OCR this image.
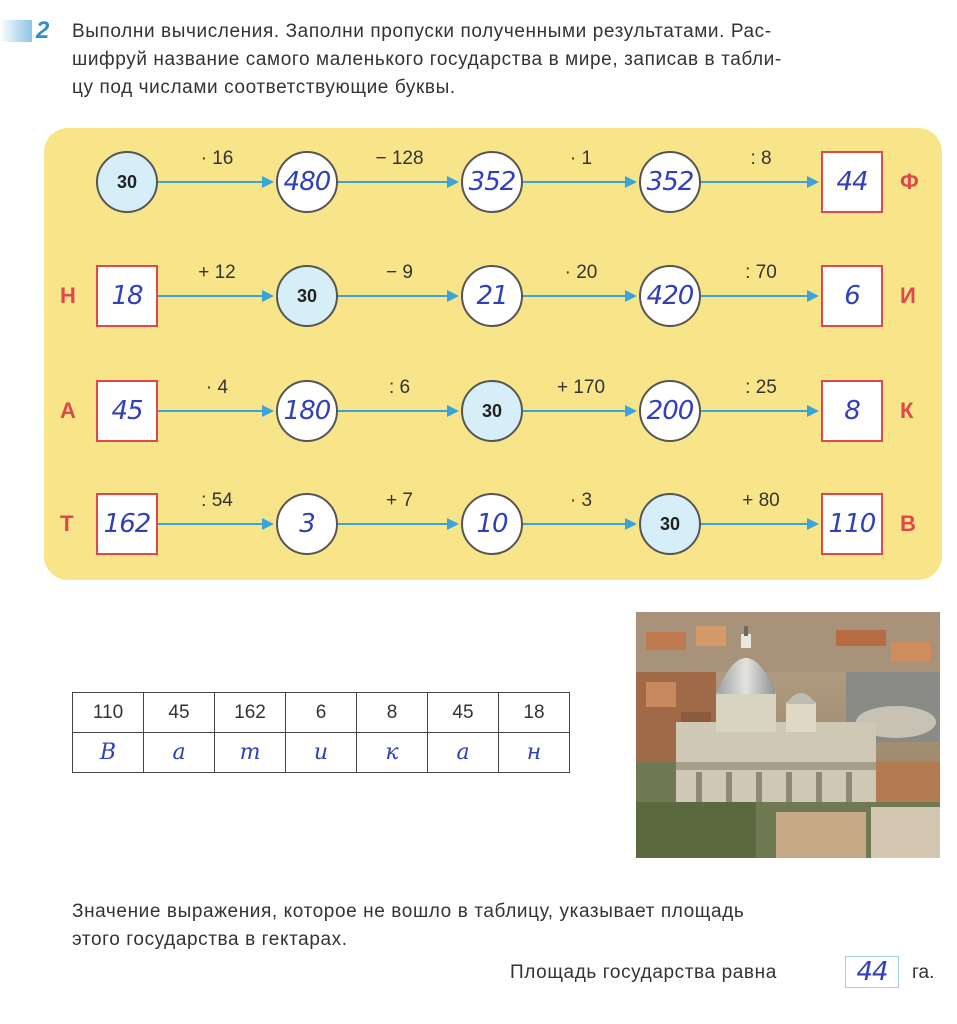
2 Выполни вычисления. Заполни пропуски полученными результатами. Рас-
шифруй название самого маленького государства в мире, записав в табли-
цу под числами соответствующие буквы.
· 16	− 128	· 1	: 8
30	480	352	352	44 Ф
+ 12	− 9	· 20	: 70
18	30	21	420	6
Н	И
· 4	: 6	+ 170	: 25
45	180	30	200	8
А	К
: 54	+ 7	· 3	+ 80
162	3	10	30	110
Т	В
110	45	162	6	8	45	18
В	а	т	и	к	а	н
Значение выражения, которое не вошло в таблицу, указывает площадь
этого государства в гектарах.
Площадь государства равна	44 га.
